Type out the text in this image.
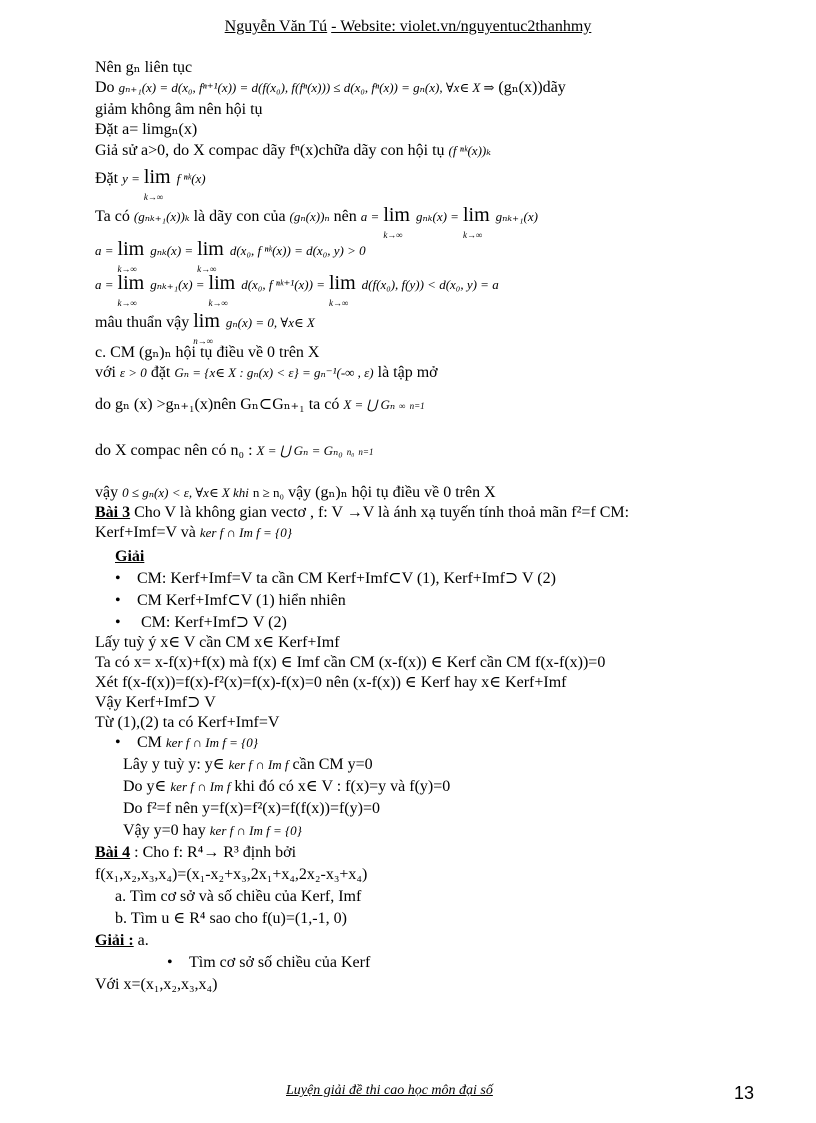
Nguyễn Văn Tú - Website: violet.vn/nguyentuc2thanhmy
Nên gₙ liên tục
Do gₙ₊₁(x) = d(x₀, fⁿ⁺¹(x)) = d(f(x₀), f(fⁿ(x))) ≤ d(x₀, fⁿ(x)) = gₙ(x), ∀x∈ X ⇒ (gₙ(x))dãy
giảm không âm nên hội tụ
Đặt a= limgₙ(x)
Giả sử a>0, do X compac dãy fⁿ(x)chữa dãy con hội tụ (f ⁿᵏ(x))ₖ
Đặt y = lim
k→∞
f ⁿᵏ(x)
Ta có (gₙₖ₊₁(x))ₖ là dãy con của (gₙ(x))ₙ nên a = lim
k→∞
gₙₖ(x) = lim
k→∞
gₙₖ₊₁(x)
a = lim
k→∞
gₙₖ(x) = lim
k→∞
d(x₀, f ⁿᵏ(x)) = d(x₀, y) > 0
a = lim
k→∞
gₙₖ₊₁(x) = lim
k→∞
d(x₀, f ⁿᵏ⁺¹(x)) = lim
k→∞
d(f(x₀), f(y)) < d(x₀, y) = a
mâu thuẩn vậy lim
n→∞
gₙ(x) = 0, ∀x∈ X
c. CM (gₙ)ₙ hội tụ điều về 0 trên X
với ε > 0 đặt Gₙ = {x∈ X : gₙ(x) < ε} = gₙ⁻¹(-∞ , ε) là tập mở
do gₙ (x) >gₙ₊₁(x)nên Gₙ⊂Gₙ₊₁ ta có X = ⋃ Gₙ ∞ n=1
do X compac nên có n₀ : X = ⋃ Gₙ = Gₙ₀ n₀ n=1
vậy 0 ≤ gₙ(x) < ε, ∀x∈ X khi n ≥ n₀ vậy (gₙ)ₙ hội tụ điều về 0 trên X
Bài 3 Cho V là không gian vectơ , f: V →V là ánh xạ tuyến tính thoả mãn f²=f CM:
Kerf+Imf=V và ker f ∩ Im f = {0}
Giải
• CM: Kerf+Imf=V ta cần CM Kerf+Imf⊂V (1), Kerf+Imf⊃ V (2)
• CM Kerf+Imf⊂V (1) hiển nhiên
• CM: Kerf+Imf⊃ V (2)
Lấy tuỳ ý x∈ V cần CM x∈ Kerf+Imf
Ta có x= x-f(x)+f(x) mà f(x) ∈ Imf cần CM (x-f(x)) ∈ Kerf cần CM f(x-f(x))=0
Xét f(x-f(x))=f(x)-f²(x)=f(x)-f(x)=0 nên (x-f(x)) ∈ Kerf hay x∈ Kerf+Imf
Vậy Kerf+Imf⊃ V
Từ (1),(2) ta có Kerf+Imf=V
• CM ker f ∩ Im f = {0}
Lây y tuỳ y: y∈ ker f ∩ Im f cần CM y=0
Do y∈ ker f ∩ Im f khi đó có x∈ V : f(x)=y và f(y)=0
Do f²=f nên y=f(x)=f²(x)=f(f(x))=f(y)=0
Vậy y=0 hay ker f ∩ Im f = {0}
Bài 4 : Cho f: R⁴→ R³ định bởi
f(x₁,x₂,x₃,x₄)=(x₁-x₂+x₃,2x₁+x₄,2x₂-x₃+x₄)
a. Tìm cơ sở và số chiều của Kerf, Imf
b. Tìm u ∈ R⁴ sao cho f(u)=(1,-1, 0)
Giải : a.
• Tìm cơ sở số chiều của Kerf
Với x=(x₁,x₂,x₃,x₄)
Luyện giải đề thi cao học môn đại số	13
